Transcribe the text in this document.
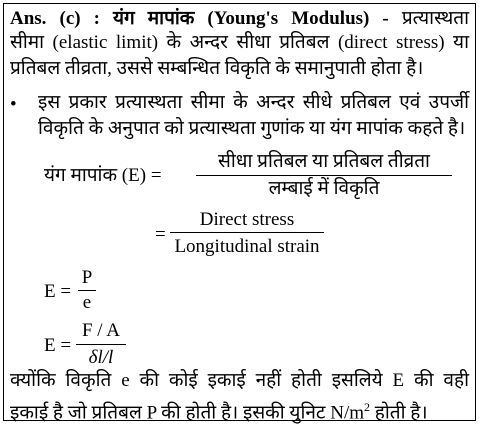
Ans. (c) : यंग मापांक (Young's Modulus) - प्रत्यास्थता
सीमा (elastic limit) के अन्दर सीधा प्रतिबल (direct stress) या
प्रतिबल तीव्रता, उससे सम्बन्धित विकृति के समानुपाती होता है।
• इस प्रकार प्रत्यास्थता सीमा के अन्दर सीधे प्रतिबल एवं उपर्जी
विकृति के अनुपात को प्रत्यास्थता गुणांक या यंग मापांक कहते है।
यंग मापांक (E) =
सीधा प्रतिबल या प्रतिबल तीव्रता
लम्बाई में विकृति
=
Direct stress
Longitudinal strain
E =
P
e
E =
F / A
δl/l
क्योंकि विकृति e की कोई इकाई नहीं होती इसलिये E की वही
इकाई है जो प्रतिबल P की होती है। इसकी युनिट $N/m^2$ होती है।
